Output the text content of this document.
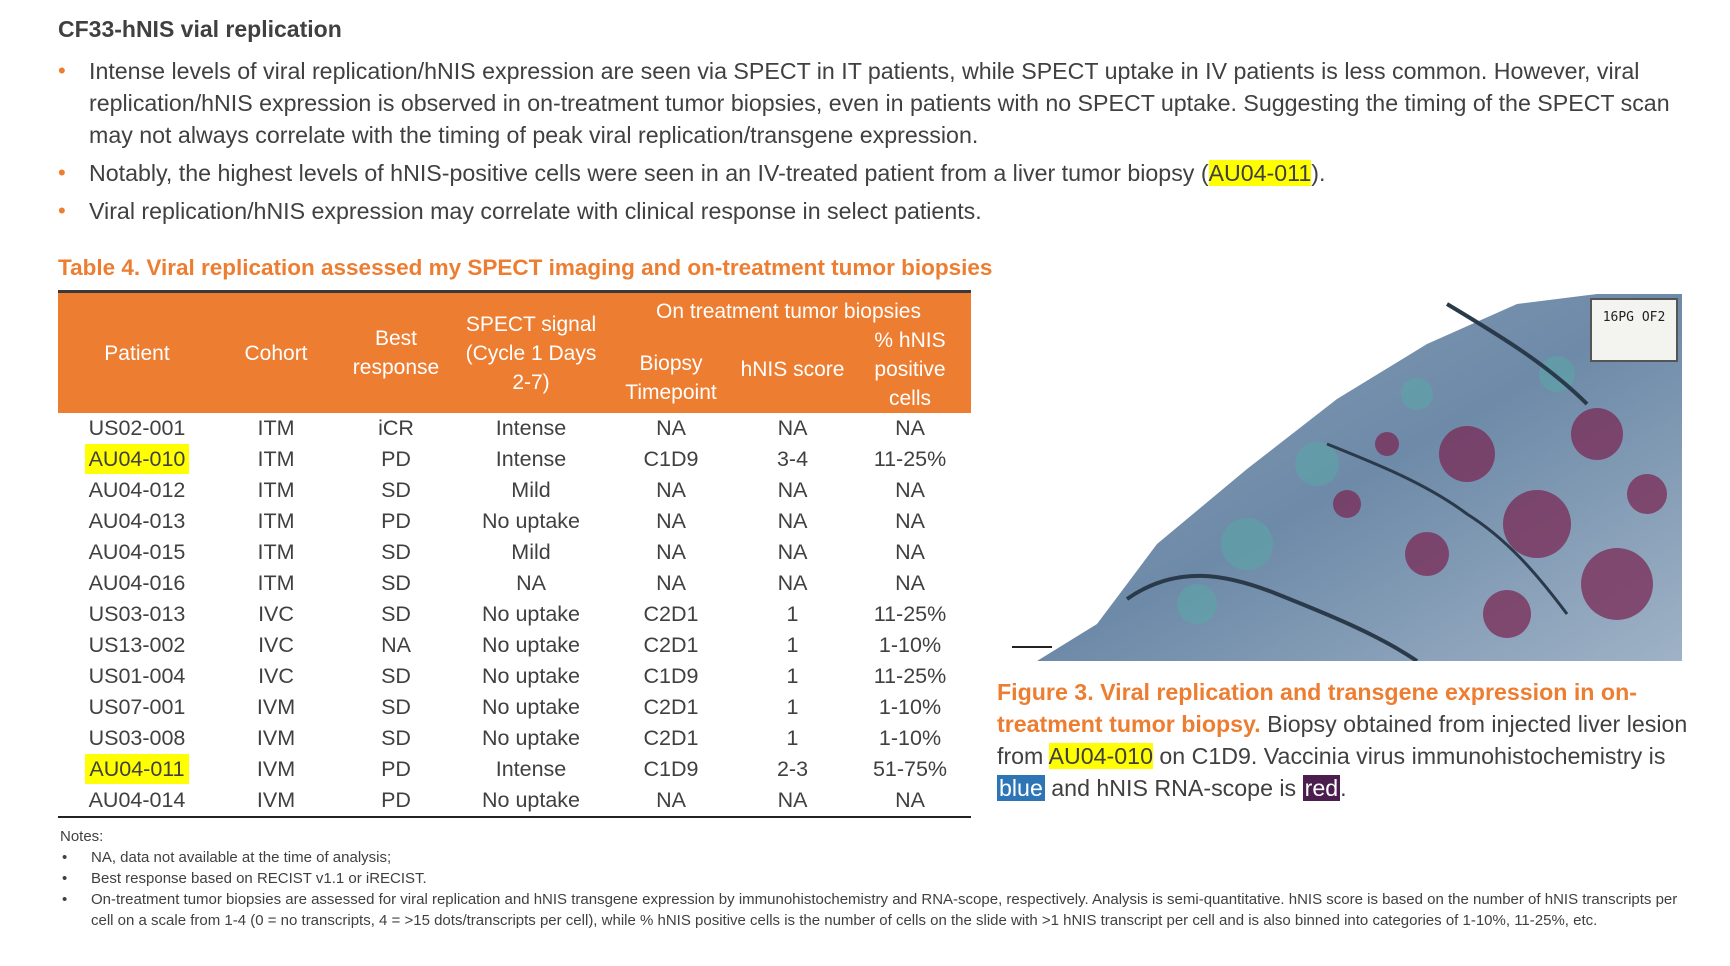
CF33-hNIS vial replication
• Intense levels of viral replication/hNIS expression are seen via SPECT in IT patients, while SPECT uptake in IV patients is less common. However, viral replication/hNIS expression is observed in on-treatment tumor biopsies, even in patients with no SPECT uptake. Suggesting the timing of the SPECT scan may not always correlate with the timing of peak viral replication/transgene expression.
• Notably, the highest levels of hNIS-positive cells were seen in an IV-treated patient from a liver tumor biopsy (AU04-011).
• Viral replication/hNIS expression may correlate with clinical response in select patients.
Table 4. Viral replication assessed my SPECT imaging and on-treatment tumor biopsies
Patient	Cohort	Best response	SPECT signal (Cycle 1 Days 2-7)	On treatment tumor biopsies		
				Biopsy Timepoint	hNIS score	% hNIS positive cells
US02-001	ITM	iCR	Intense	NA	NA	NA
AU04-010	ITM	PD	Intense	C1D9	3-4	11-25%
AU04-012	ITM	SD	Mild	NA	NA	NA
AU04-013	ITM	PD	No uptake	NA	NA	NA
AU04-015	ITM	SD	Mild	NA	NA	NA
AU04-016	ITM	SD	NA	NA	NA	NA
US03-013	IVC	SD	No uptake	C2D1	1	11-25%
US13-002	IVC	NA	No uptake	C2D1	1	1-10%
US01-004	IVC	SD	No uptake	C1D9	1	11-25%
US07-001	IVM	SD	No uptake	C2D1	1	1-10%
US03-008	IVM	SD	No uptake	C2D1	1	1-10%
AU04-011	IVM	PD	Intense	C1D9	2-3	51-75%
AU04-014	IVM	PD	No uptake	NA	NA	NA
16PG OF2
Figure 3. Viral replication and transgene expression in on-treatment tumor biopsy. Biopsy obtained from injected liver lesion from AU04-010 on C1D9. Vaccinia virus immunohistochemistry is blue and hNIS RNA-scope is red.
Notes:
• NA, data not available at the time of analysis;
• Best response based on RECIST v1.1 or iRECIST.
• On-treatment tumor biopsies are assessed for viral replication and hNIS transgene expression by immunohistochemistry and RNA-scope, respectively. Analysis is semi-quantitative. hNIS score is based on the number of hNIS transcripts per cell on a scale from 1-4 (0 = no transcripts, 4 = >15 dots/transcripts per cell), while % hNIS positive cells is the number of cells on the slide with >1 hNIS transcript per cell and is also binned into categories of 1-10%, 11-25%, etc.
